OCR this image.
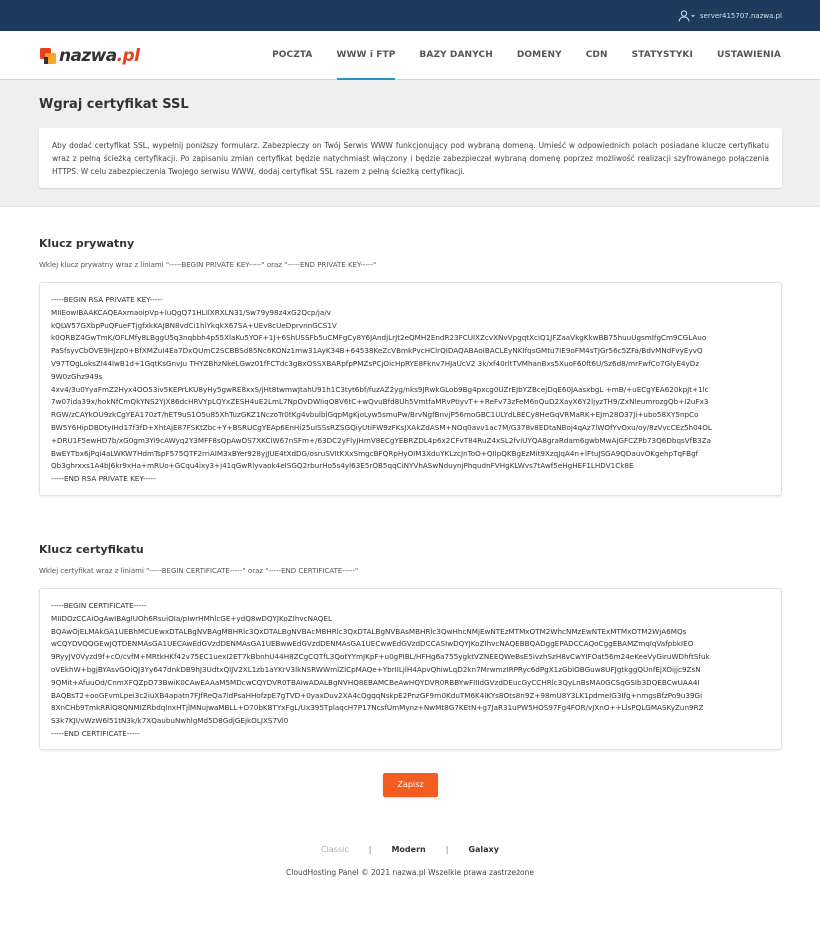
server415707.nazwa.pl
nazwa.pl	POCZTA	WWW i FTP	BAZY DANYCH	DOMENY	CDN	STATYSTYKI	USTAWIENIA
Wgraj certyfikat SSL
Aby dodać certyfikat SSL, wypełnij poniższy formularz. Zabezpieczy on Twój Serwis WWW funkcjonujący pod wybraną domeną. Umieść w odpowiednich polach posiadane klucze certyfikatu wraz z pełną ścieżką certyfikacji. Po zapisaniu zmian certyfikat będzie natychmiast włączony i będzie zabezpieczał wybraną domenę poprzez możliwość realizacji szyfrowanego połączenia HTTPS. W celu zabezpieczenia Twojego serwisu WWW, dodaj certyfikat SSL razem z pełną ścieżką certyfikacji.
Klucz prywatny
Wklej klucz prywatny wraz z liniami "-----BEGIN PRIVATE KEY-----" oraz "-----END PRIVATE KEY-----"
-----BEGIN RSA PRIVATE KEY-----
MIIEowIBAAKCAQEAxmaoipVp+luQgQ71HLIlXRXLN31/Sw79y98z4xG2Qcp/ja/v
kQLW57GXbpPuQFueFTjgfxkKAJBN8vdCi1hiYkqkX67SA+UEv8cUeDprvnnGCS1V
k0QRBZ4GwTmK/OFLMfy8LBggU5q3nqbbh4p55XlaKu5YOF+1J+6ShUSSFb5uCMFgCy8Y6JAndjLrJt2eQMH2EndR23FCUlXZcvXNvVpgqtXciQ1JFZaaVkgKkwBB75huuUgsmIfgCm9CGLAuo
PaSfsyvCbOVE9HJzp0+BfXMZuI4Ea7DxQUmC2SCBBSd85Nc6KONz1mw31AyK34B+64538KeZcVBmkPvcHClrQIDAQABAoIBACLEyNKIfqsGMtu7IE9oFM4sTJGr56c5ZFa/BdvMNdFvyEyvQ
V97TOgLoksZI44lwB1d+1GqtKsGnvJu THYZBhzNkeLGwz01fFCTdc3gBxOSSXBARpfpPMZsPCjOicHpRYE8Fknv7HJaUcV2 3k/xf40rltTVMhanBxs5XuoF60ft6U/Sz6d8/mrFwfCo7GlyE4yDz
9W0zGhz949s
4xv4/3u0YyaFmZ2Hyx4OO53iv5KEPrLKU8yHy5gwRE8xxS/jHt8twmwJtahU91h1C3tyt6bf/fuzAZ2yg/nks9JRwkGLob9Bg4pxcg0UZrEJbYZBcejDqE60JAasxbgL +mB/+uECgYEA620kpJt+1lc
7w07ida39x/hokNfCmQkYNS2YjX86dcHRVYpLQYxZESH4uE2LmL7NpOvDWIiqO8V6tC+wQvuBfd8Uh5VmtfaMRvPtiyvT++ReFv73zFeM6nQuD2XayX6Y2ljyzTH9/ZxNleumrozgQb+I2uFx3
RGW/zCAYkOU9zkCgYEA170zT/hET9uS1O5u85XhTuzGKZ1NczoTr0tKg4vbulblGqpMgKjoLyw5smuPw/BrvNgfBnvjP56moGBC1ULYdL8ECy8HeGqVRMaRK+EJm28O37Ji+ubo58XY5npCo
BW5Y6HipDBDtyIHd17f3fD+XhtAjE87FSKtZbc+Y+BSRUCgYEAp6EnHi25uISSsRZSGQiyUtiFW9zFKsJXAkZdASM+NOq0avv1ac7M/G378v8EDtaNBoj4qAz7lWOfYvOxu/oy/8zVvcCEz5h04OL
+DRU1F5ewHD7b/xG0gm3Yi9cAWyq2Y3MFF8sQpAwOS7XKClW67nSFm+/63DC2yFlyJHmV8ECgYEBRZDL4p6x2CFvT84RuZ4xSL2fviUYQA8graRdam6gwbMwAjGFCZPb73Q6DbqsVfB3Za
BwEYTbx6jPqi4aLWKW7HdmTspF575QTF2rriAIM3xBYer928yjJUE4tXdDG/osruSVItKXxSmgcBFQRpHyOIM3XduYKLzcJnToO+QIlpQKBgEzMit9XzqJqA4n+lFtuJSGA9QDauvOKgehpTqFBgf
Qb3ghrxxs1A4bJ6kr9xHa+mRUo+GCqu4ixy3+j41qGwRlyvaok4eISGQ2rburHo5s4yl63E5rOB5qqCiNYVhASwNduynjPhqudnFVHgKLWvs7tAwf5eHgHEF1LHDV1Ck8E
-----END RSA PRIVATE KEY-----
Klucz certyfikatu
Wklej certyfikat wraz z liniami "-----BEGIN CERTIFICATE-----" oraz "-----END CERTIFICATE-----"
-----BEGIN CERTIFICATE-----
MIIDOzCCAiOgAwIBAgIUOh6RsuiOIa/pIwrHMhlcGE+ydQ8wDQYJKoZIhvcNAQEL
BQAwOjELMAkGA1UEBhMCUEwxDTALBgNVBAgMBHRlc3QxDTALBgNVBAcMBHRlc3QxDTALBgNVBAsMBHRlc3QwHhcNMjEwNTEzMTMxOTM2WhcNMzEwNTExMTMxOTM2WjA6MQs
wCQYDVQQGEwJQTDENMAsGA1UECAwEdGVzdDENMAsGA1UEBwwEdGVzdDENMAsGA1UECwwEdGVzdDCCASIwDQYJKoZIhvcNAQEBBQADggEPADCCAQoCggEBAMZmqIqVafpbkIEO
9RyyJV0Vyzd9f+cO/cvfM+MRtkHKf42v75EC1uexI2ET7kBbnhU44H8ZCgCQTfL3QotYYmJKpF+u0gPIBL/HFHg6a755ygktVZNEEQWeBsE5ivzhSzH8vCwYIFOat56m24eKeeVyGiruWDhftSfuk
oVEkhW+bgjBYAsvGOiQJ3Yy647dnkDB9hJ3UdtxQlJV2XL1zb1aYKrV3lkNSRWWmlZlCpMAQe+YbrIILjlH4ApvQhiwLqD2kn7MrwmzIRPRyc6dPgX1zGbiOBGuw8UFJgtkggQUnfEjXOijjc9ZsN
9QMit+AfuuOd/CnmXFQZpD73BwiK0CAwEAAaM5MDcwCQYDVR0TBAIwADALBgNVHQ8EBAMCBeAwHQYDVR0RBBYwFIIIdGVzdDEucGyCCHRlc3QyLnBsMA0GCSqGSIb3DQEBCwUAA4I
BAQBsT2+ooGFvmLpei3c2iuXB4apatn7FJfReQa7idPsaHHofzpE7gTVD+0yaxDuv2XA4cQgqqNskpE2PnzGF9rn0KduTM6K4lKYs8Ots8n9Z+98mU8Y3LK1pdmeIG3Ifg+nmgsBfzPo9u39Gi
8XnCHb9TmkRRlQ8QNMIZRbdqlnxHTjlMNujwaMBLL+O70bKBTYxFgL/Ux395TplaqcH7P17NcsfUmMynz+NwMt8G7KEtN+g7JaR31uPW5HOS97Fg4FOR/vJXnO++LlsPQLGMASKyZun9RZ
S3k7KJI/vWzW6l51tN3k/k7XQaubuNwhlgMd5D8GdjGEjkOLJXS7Vi0
-----END CERTIFICATE-----
Zapisz
Classic	|	Modern	|	Galaxy
CloudHosting Panel © 2021 nazwa.pl Wszelkie prawa zastrzeżone
